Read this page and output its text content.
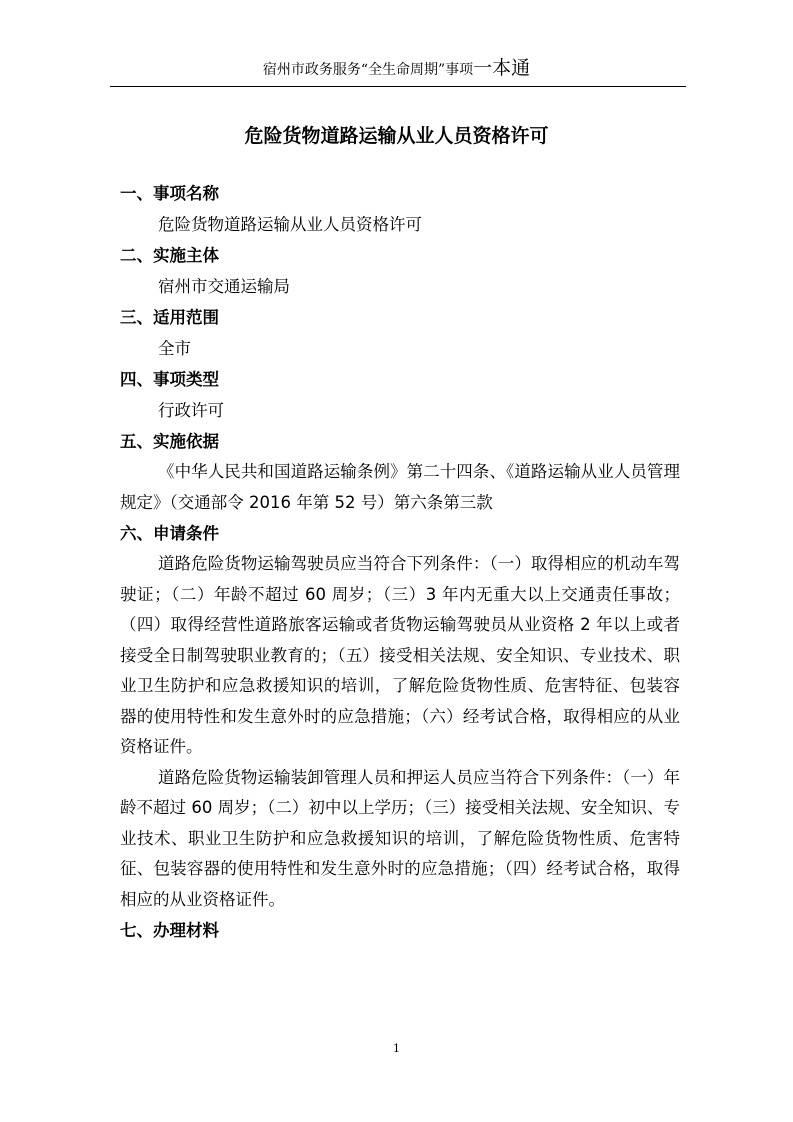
宿州市政务服务“全生命周期”事项一本通
危险货物道路运输从业人员资格许可
一、事项名称
危险货物道路运输从业人员资格许可
二、实施主体
宿州市交通运输局
三、适用范围
全市
四、事项类型
行政许可
五、实施依据

《中华人民共和国道路运输条例》第二十四条、《道路运输从业人员管理规定》（交通部令 2016 年第 52 号）第六条第三款

六、申请条件

道路危险货物运输驾驶员应当符合下列条件：（一）取得相应的机动车驾驶证；（二）年龄不超过 60 周岁；（三）3 年内无重大以上交通责任事故；（四）取得经营性道路旅客运输或者货物运输驾驶员从业资格 2 年以上或者接受全日制驾驶职业教育的；（五）接受相关法规、安全知识、专业技术、职业卫生防护和应急救援知识的培训，了解危险货物性质、危害特征、包装容器的使用特性和发生意外时的应急措施；（六）经考试合格，取得相应的从业资格证件。

道路危险货物运输装卸管理人员和押运人员应当符合下列条件：（一）年龄不超过 60 周岁；（二）初中以上学历；（三）接受相关法规、安全知识、专业技术、职业卫生防护和应急救援知识的培训，了解危险货物性质、危害特征、包装容器的使用特性和发生意外时的应急措施；（四）经考试合格，取得相应的从业资格证件。

七、办理材料
1
